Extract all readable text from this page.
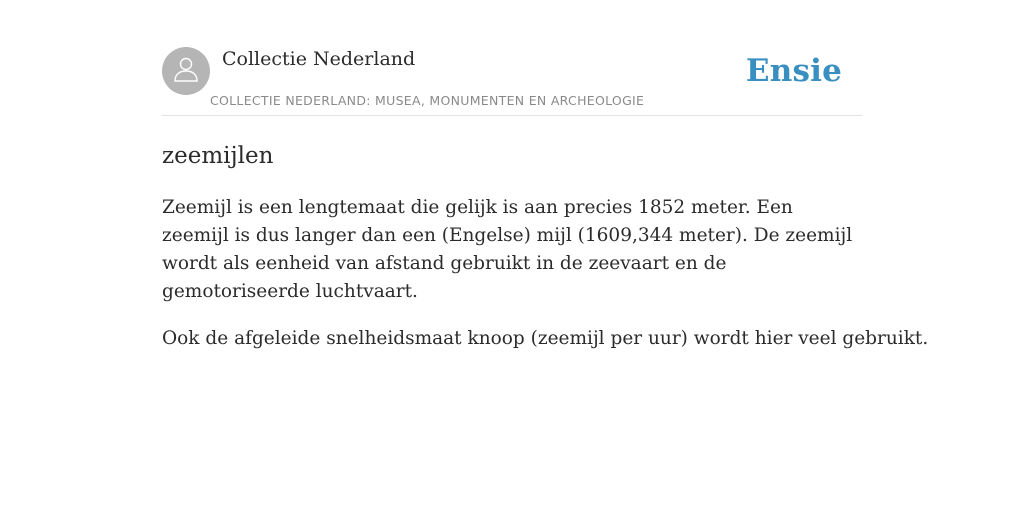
Collectie Nederland
COLLECTIE NEDERLAND: MUSEA, MONUMENTEN EN ARCHEOLOGIE
Ensie
zeemijlen

Zeemijl is een lengtemaat die gelijk is aan precies 1852 meter. Een zeemijl is dus langer dan een (Engelse) mijl (1609,344 meter). De zeemijl wordt als eenheid van afstand gebruikt in de zeevaart en de gemotoriseerde luchtvaart.

Ook de afgeleide snelheidsmaat knoop (zeemijl per uur) wordt hier veel gebruikt.
